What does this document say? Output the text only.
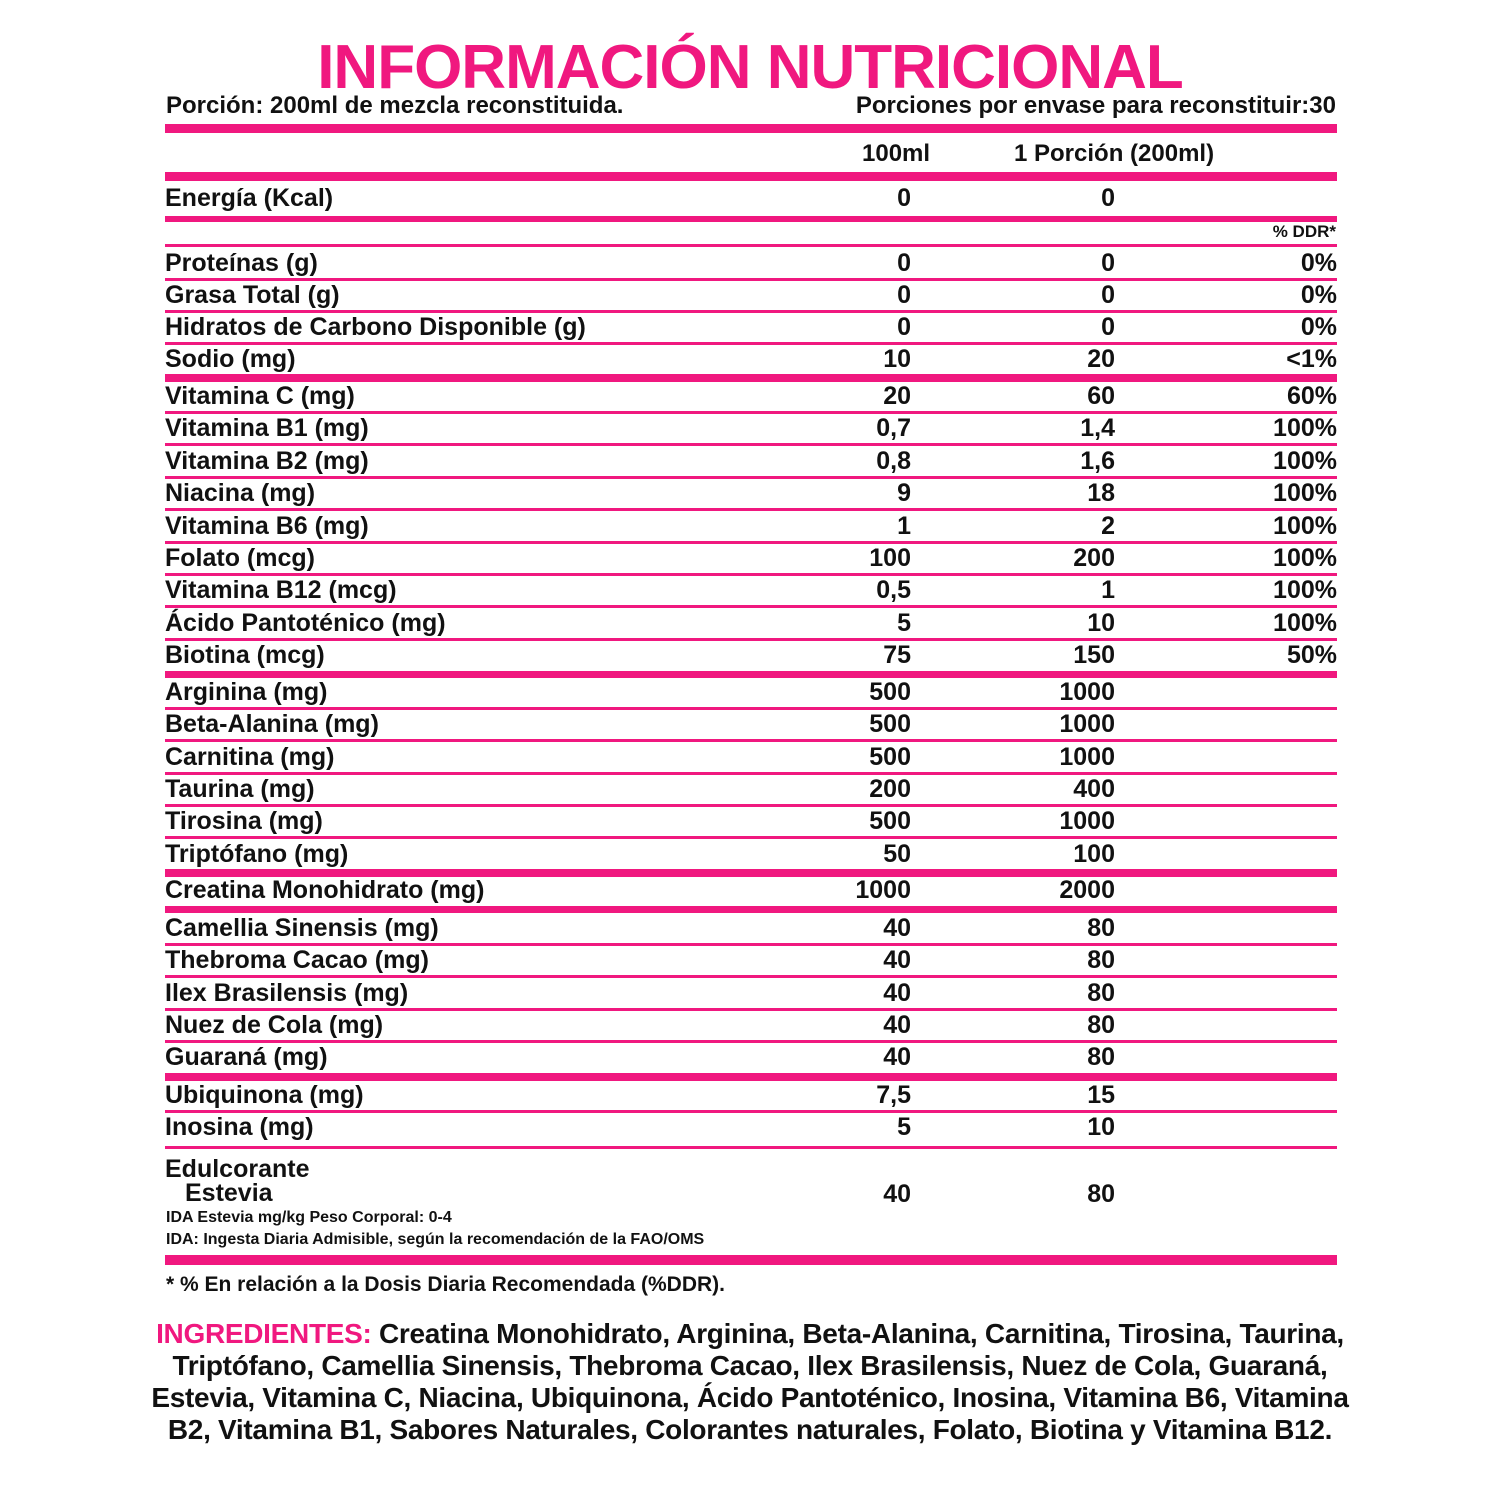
INFORMACIÓN NUTRICIONAL
Porción: 200ml de mezcla reconstituida.	Porciones por envase para reconstituir:30
100ml	1 Porción (200ml)
Energía (Kcal)	0	0
% DDR*
Proteínas (g)	0	0	0%
Grasa Total (g)	0	0	0%
Hidratos de Carbono Disponible (g)	0	0	0%
Sodio (mg)	10	20	<1%
Vitamina C (mg)	20	60	60%
Vitamina B1 (mg)	0,7	1,4	100%
Vitamina B2 (mg)	0,8	1,6	100%
Niacina (mg)	9	18	100%
Vitamina B6 (mg)	1	2	100%
Folato (mcg)	100	200	100%
Vitamina B12 (mcg)	0,5	1	100%
Ácido Pantoténico (mg)	5	10	100%
Biotina (mcg)	75	150	50%
Arginina (mg)	500	1000
Beta-Alanina (mg)	500	1000
Carnitina (mg)	500	1000
Taurina (mg)	200	400
Tirosina (mg)	500	1000
Triptófano (mg)	50	100
Creatina Monohidrato (mg)	1000	2000
Camellia Sinensis (mg)	40	80
Thebroma Cacao (mg)	40	80
Ilex Brasilensis (mg)	40	80
Nuez de Cola (mg)	40	80
Guaraná (mg)	40	80
Ubiquinona (mg)	7,5	15
Inosina (mg)	5	10
Edulcorante
Estevia	40	80
IDA Estevia mg/kg Peso Corporal: 0-4
IDA: Ingesta Diaria Admisible, según la recomendación de la FAO/OMS
* % En relación a la Dosis Diaria Recomendada (%DDR).
INGREDIENTES: Creatina Monohidrato, Arginina, Beta-Alanina, Carnitina, Tirosina, Taurina, Triptófano, Camellia Sinensis, Thebroma Cacao, Ilex Brasilensis, Nuez de Cola, Guaraná, Estevia, Vitamina C, Niacina, Ubiquinona, Ácido Pantoténico, Inosina, Vitamina B6, Vitamina B2, Vitamina B1, Sabores Naturales, Colorantes naturales, Folato, Biotina y Vitamina B12.
